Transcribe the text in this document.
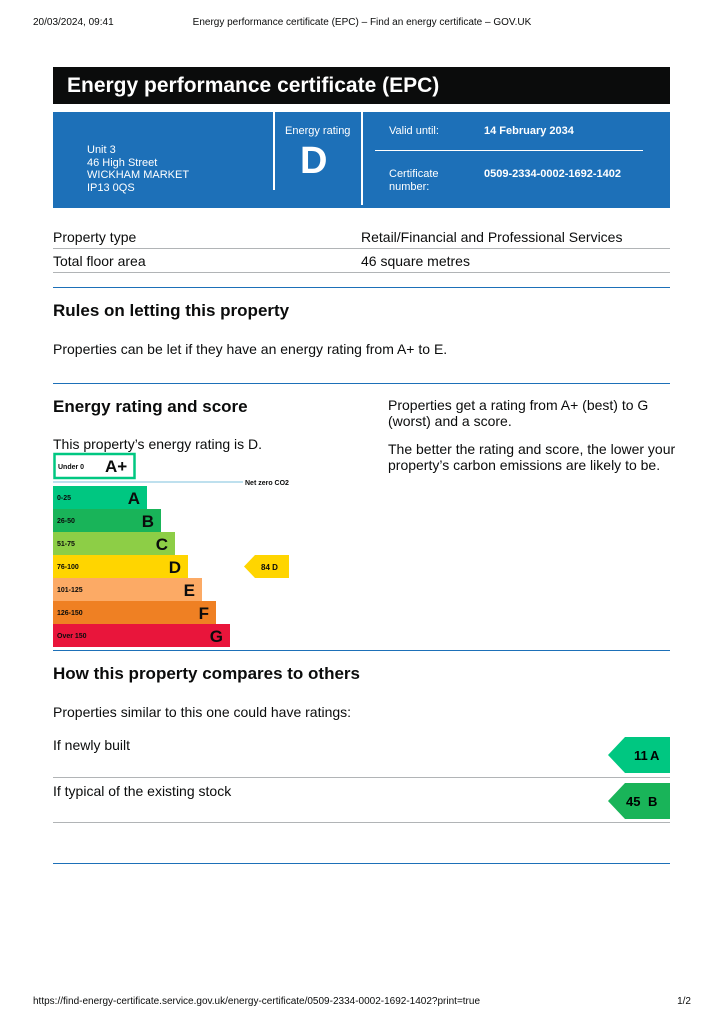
20/03/2024, 09:41	Energy performance certificate (EPC) – Find an energy certificate – GOV.UK
Energy performance certificate (EPC)
Unit 3
46 High Street
WICKHAM MARKET
IP13 0QS
Energy rating
D
Valid until:	14 February 2034
Certificate number:
0509-2334-0002-1692-1402
Property type	Retail/Financial and Professional Services
Total floor area	46 square metres
Rules on letting this property
Properties can be let if they have an energy rating from A+ to E.
Energy rating and score
This property’s energy rating is D.
Properties get a rating from A+ (best) to G (worst) and a score.
The better the rating and score, the lower your property’s carbon emissions are likely to be.
Under 0 A+
0-25	A
26-50	B
51-75	C
76-100	D
101-125	E
126-150	F
Over 150	G
Net zero CO2
84 D
How this property compares to others
Properties similar to this one could have ratings:
If newly built
11 A
If typical of the existing stock
45 B
https://find-energy-certificate.service.gov.uk/energy-certificate/0509-2334-0002-1692-1402?print=true	1/2
